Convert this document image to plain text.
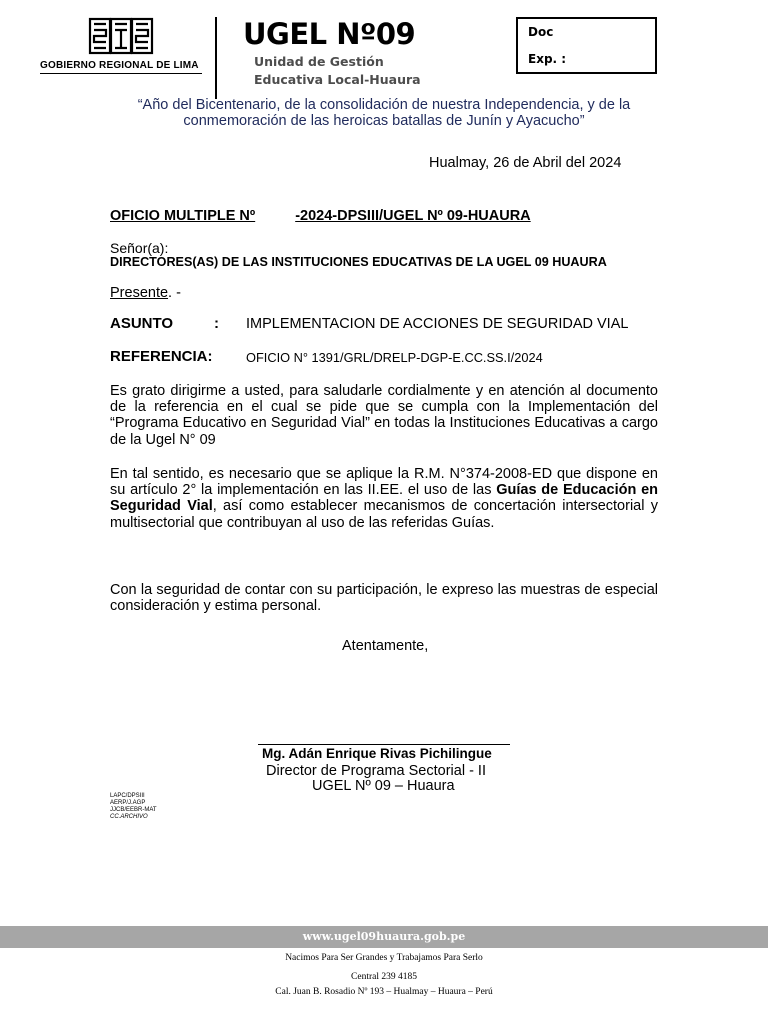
GOBIERNO REGIONAL DE LIMA
UGEL Nº09
Unidad de Gestión
Educativa Local-Huaura
Doc
Exp. :
“Año del Bicentenario, de la consolidación de nuestra Independencia, y de la conmemoración de las heroicas batallas de Junín y Ayacucho”
Hualmay, 26 de Abril del 2024
OFICIO MULTIPLE Nº	-2024-DPSIII/UGEL Nº 09-HUAURA
Señor(a):
DIRECTORES(AS) DE LAS INSTITUCIONES EDUCATIVAS DE LA UGEL 09 HUAURA
Presente. -
ASUNTO	: IMPLEMENTACION DE ACCIONES DE SEGURIDAD VIAL
REFERENCIA:	OFICIO N° 1391/GRL/DRELP-DGP-E.CC.SS.I/2024
Es grato dirigirme a usted, para saludarle cordialmente y en atención al documento de la referencia en el cual se pide que se cumpla con la Implementación del “Programa Educativo en Seguridad Vial” en todas la Instituciones Educativas a cargo de la Ugel N° 09
En tal sentido, es necesario que se aplique la R.M. N°374-2008-ED que dispone en su artículo 2° la implementación en las II.EE. el uso de las Guías de Educación en Seguridad Vial, así como establecer mecanismos de concertación intersectorial y multisectorial que contribuyan al uso de las referidas Guías.
Con la seguridad de contar con su participación, le expreso las muestras de especial consideración y estima personal.
Atentamente,
Mg. Adán Enrique Rivas Pichilingue
Director de Programa Sectorial - II
UGEL Nº 09 – Huaura
LAPC/DPSIII
AERP/J.AGP
JJCB/EEBR-MAT
CC.ARCHIVO
www.ugel09huaura.gob.pe
Nacimos Para Ser Grandes y Trabajamos Para Serlo
Central 239 4185
Cal. Juan B. Rosadio Nº 193 – Hualmay – Huaura – Perú
